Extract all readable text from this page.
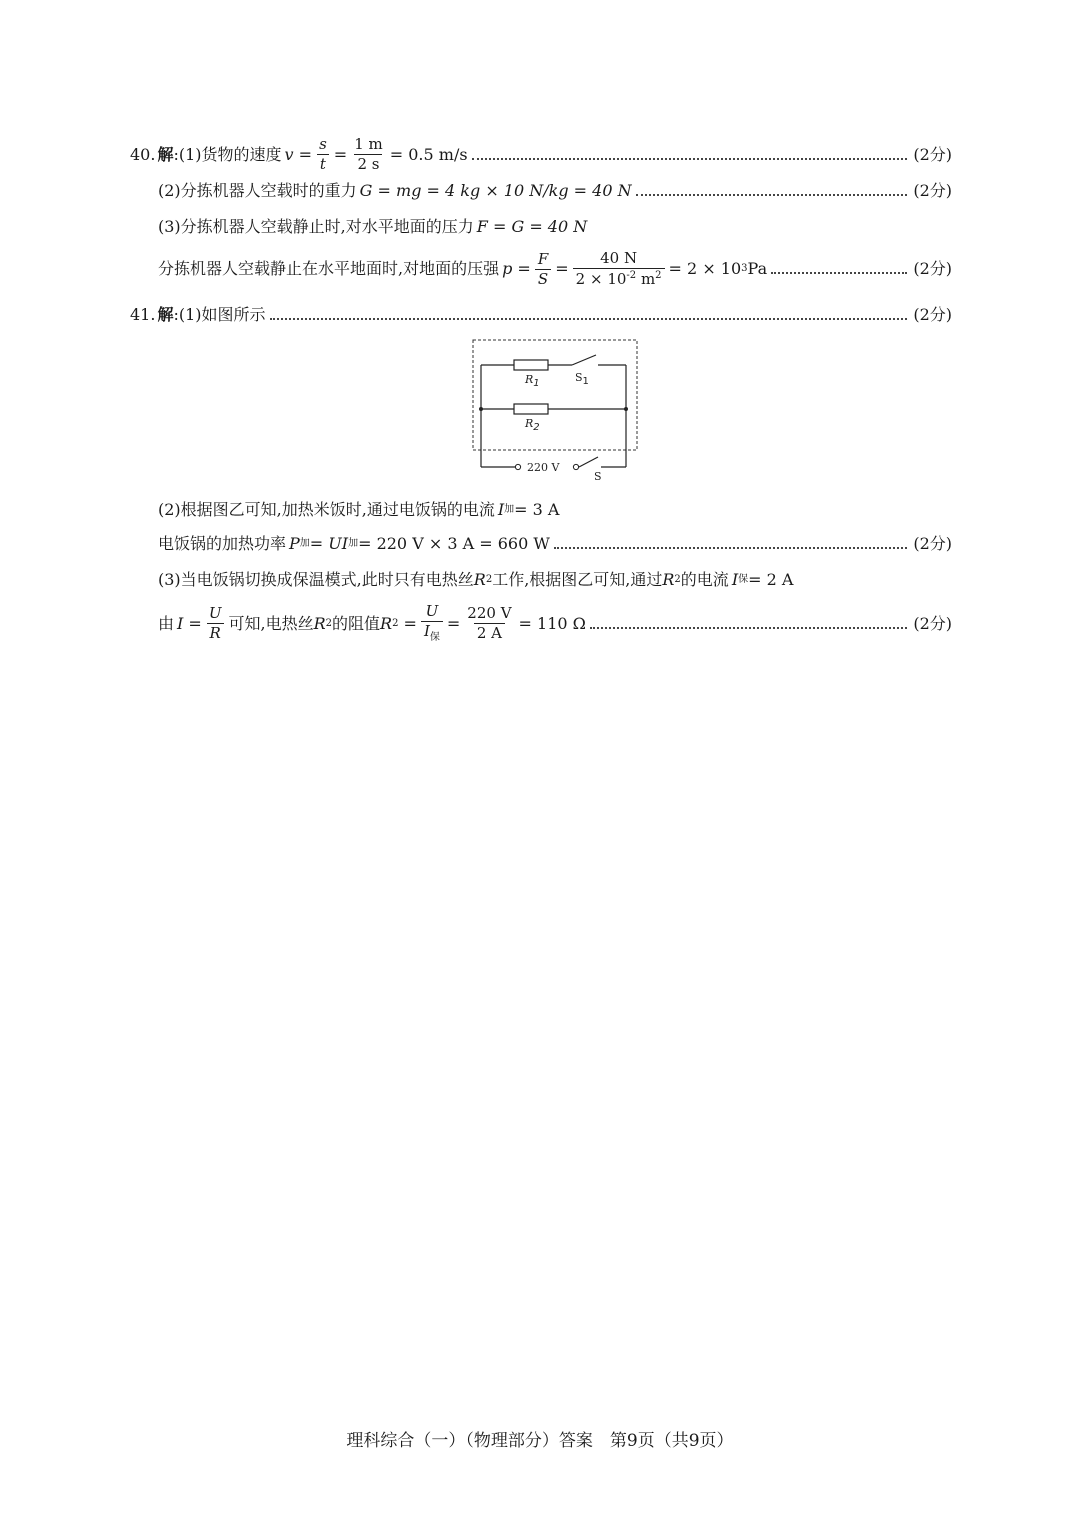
40. 解 : (1)货物的速度 $v = \frac{s}{t} = \frac{1 m}{2 s} = 0.5$ m/s	(2分)
(2)分拣机器人空载时的重力 G = mg = 4 kg × 10 N/kg = 40 N	(2分)
(3)分拣机器人空载静止时,对水平地面的压力 F = G = 40 N
分拣机器人空载静止在水平地面时,对地面的压强 $p = \frac{F}{S} = \frac{40 N}{2 \times 10^{-2} m^2} = 2 \times 10$ 3 Pa	(2分)
41. 解 : (1)如图所示	(2分)
R1	S1
R2
220 V
S
(2)根据图乙可知,加热米饭时,通过电饭锅的电流 I 加 = 3 A
电饭锅的加热功率 P 加 = UI 加 = 220 V × 3 A = 660 W	(2分)
(3)当电饭锅切换成保温模式,此时只有电热丝 R 2 工作,根据图乙可知,通过 R 2 的电流 I 保 = 2 A
由 $I = \frac{U}{R}$ 可知,电热丝 R 2 的阻值 R $2 = \frac{U}{I_保} = \frac{220 V}{2 A} = 110$ Ω	(2分)
理科综合（一）（物理部分）答案　第9页（共9页）
